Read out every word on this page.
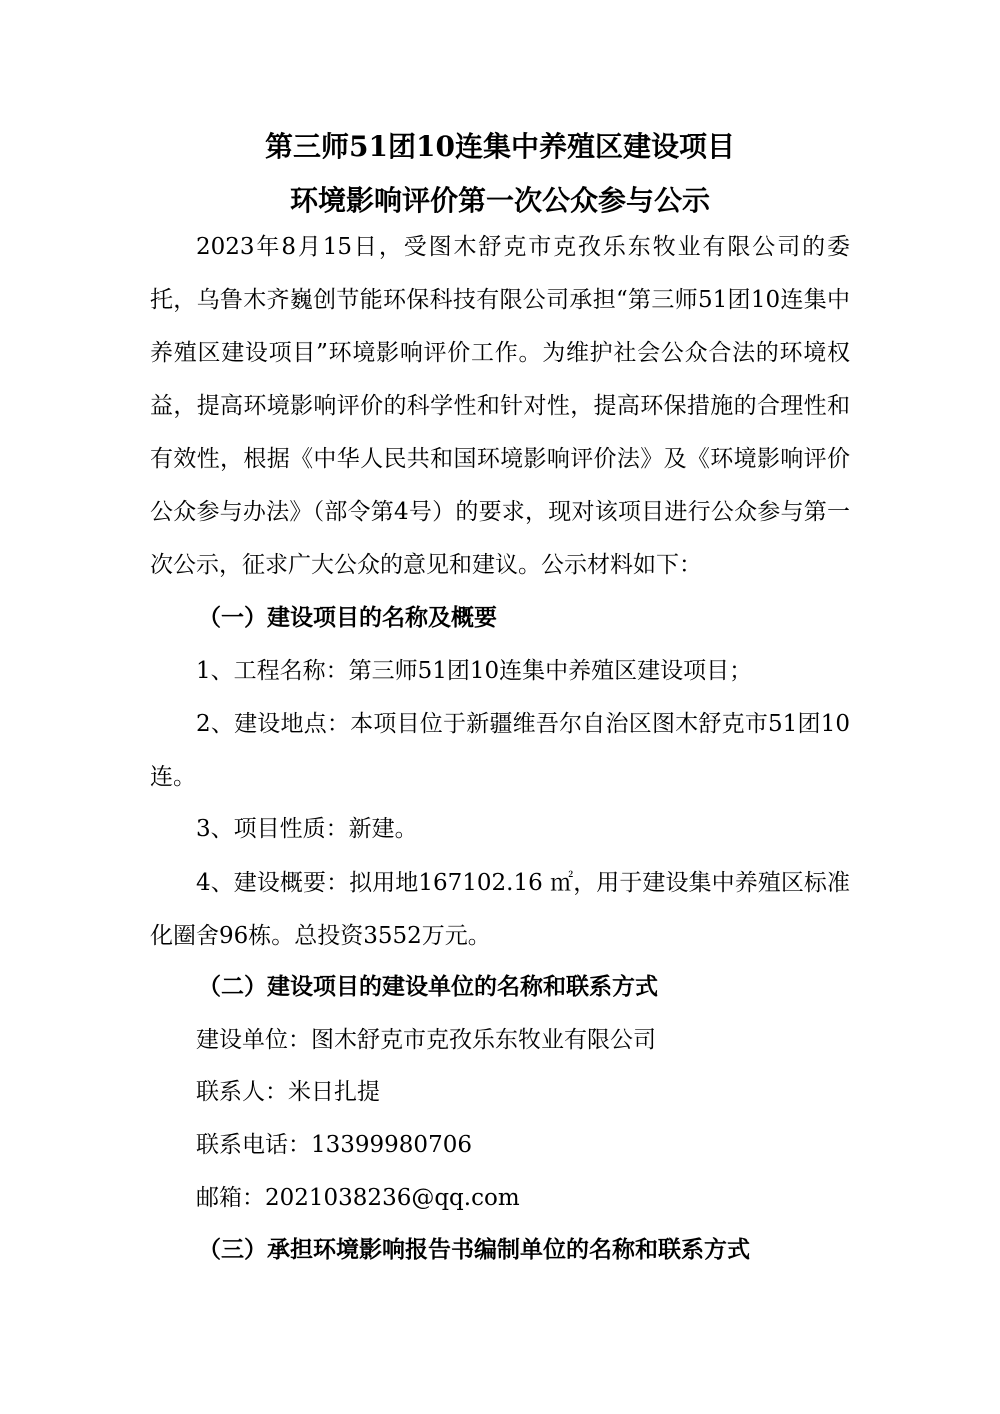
第三师51团10连集中养殖区建设项目
环境影响评价第一次公众参与公示

2023年8月15日，受图木舒克市克孜乐东牧业有限公司的委托，乌鲁木齐巍创节能环保科技有限公司承担“第三师51团10连集中养殖区建设项目”环境影响评价工作。为维护社会公众合法的环境权益，提高环境影响评价的科学性和针对性，提高环保措施的合理性和有效性，根据《中华人民共和国环境影响评价法》及《环境影响评价公众参与办法》（部令第4号）的要求，现对该项目进行公众参与第一次公示，征求广大公众的意见和建议。公示材料如下：

（一）建设项目的名称及概要

1、工程名称：第三师51团10连集中养殖区建设项目；

2、建设地点：本项目位于新疆维吾尔自治区图木舒克市51团10连。

3、项目性质：新建。

4、建设概要：拟用地167102.16 ㎡，用于建设集中养殖区标准化圈舍96栋。总投资3552万元。

（二）建设项目的建设单位的名称和联系方式

建设单位：图木舒克市克孜乐东牧业有限公司

联系人：米日扎提

联系电话：13399980706

邮箱：2021038236@qq.com

（三）承担环境影响报告书编制单位的名称和联系方式
